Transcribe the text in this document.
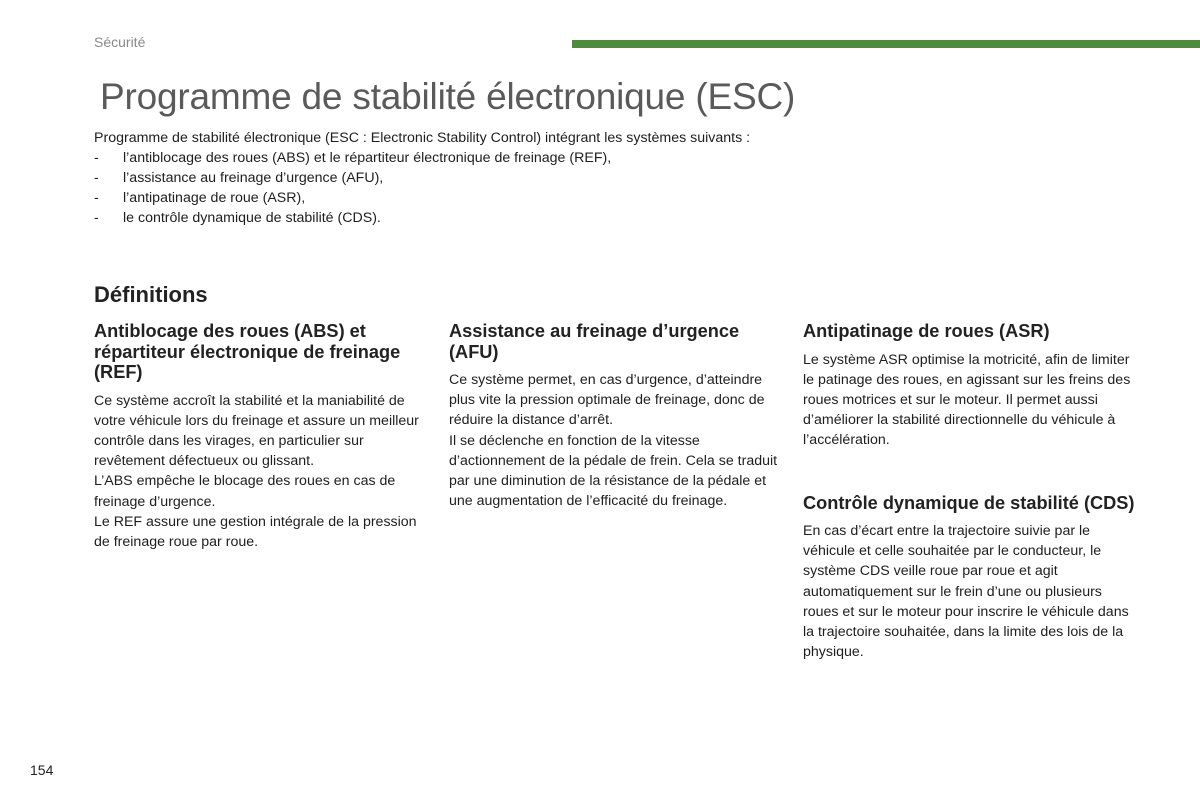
Sécurité
Programme de stabilité électronique (ESC)

Programme de stabilité électronique (ESC : Electronic Stability Control) intégrant les systèmes suivants :

- l’antiblocage des roues (ABS) et le répartiteur électronique de freinage (REF),
- l’assistance au freinage d’urgence (AFU),
- l’antipatinage de roue (ASR),
- le contrôle dynamique de stabilité (CDS).
Définitions
Antiblocage des roues (ABS) et répartiteur électronique de freinage (REF)

Ce système accroît la stabilité et la maniabilité de votre véhicule lors du freinage et assure un meilleur contrôle dans les virages, en particulier sur revêtement défectueux ou glissant.

L’ABS empêche le blocage des roues en cas de freinage d’urgence.

Le REF assure une gestion intégrale de la pression de freinage roue par roue.

Assistance au freinage d’urgence (AFU)

Ce système permet, en cas d’urgence, d’atteindre plus vite la pression optimale de freinage, donc de réduire la distance d’arrêt.

Il se déclenche en fonction de la vitesse d’actionnement de la pédale de frein. Cela se traduit par une diminution de la résistance de la pédale et une augmentation de l’efficacité du freinage.

Antipatinage de roues (ASR)

Le système ASR optimise la motricité, afin de limiter le patinage des roues, en agissant sur les freins des roues motrices et sur le moteur. Il permet aussi d’améliorer la stabilité directionnelle du véhicule à l’accélération.

Contrôle dynamique de stabilité (CDS)

En cas d’écart entre la trajectoire suivie par le véhicule et celle souhaitée par le conducteur, le système CDS veille roue par roue et agit automatiquement sur le frein d’une ou plusieurs roues et sur le moteur pour inscrire le véhicule dans la trajectoire souhaitée, dans la limite des lois de la physique.

154
